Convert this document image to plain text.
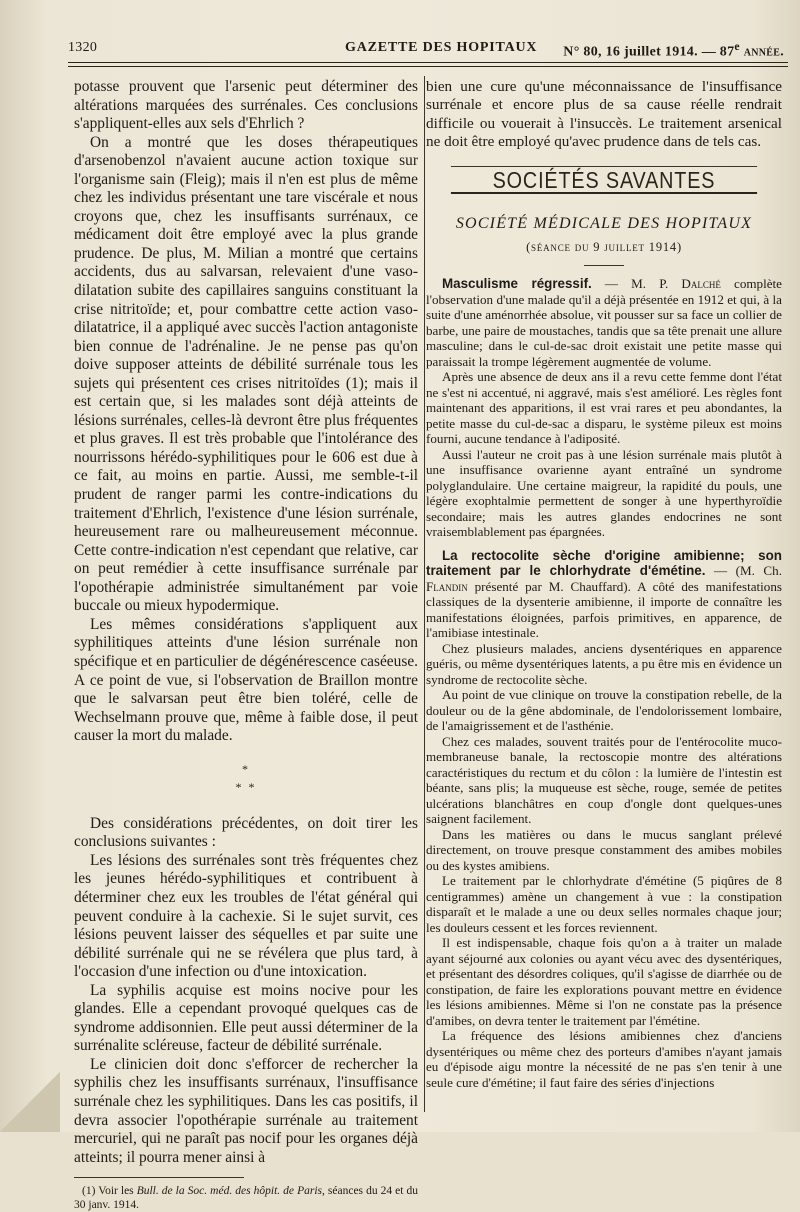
1320	GAZETTE DES HOPITAUX N° 80, 16 juillet 1914. — 87e année.

potasse prouvent que l'arsenic peut déterminer des altérations marquées des surrénales. Ces conclusions s'appliquent-elles aux sels d'Ehrlich ?

On a montré que les doses thérapeutiques d'arsenobenzol n'avaient aucune action toxique sur l'organisme sain (Fleig); mais il n'en est plus de même chez les individus présentant une tare viscérale et nous croyons que, chez les insuffisants surrénaux, ce médicament doit être employé avec la plus grande prudence. De plus, M. Milian a montré que certains accidents, dus au salvarsan, relevaient d'une vaso-dilatation subite des capillaires sanguins constituant la crise nitritoïde; et, pour combattre cette action vaso-dilatatrice, il a appliqué avec succès l'action antagoniste bien connue de l'adrénaline. Je ne pense pas qu'on doive supposer atteints de débilité surrénale tous les sujets qui présentent ces crises nitritoïdes (1); mais il est certain que, si les malades sont déjà atteints de lésions surrénales, celles-là devront être plus fréquentes et plus graves. Il est très probable que l'intolérance des nourrissons hérédo-syphilitiques pour le 606 est due à ce fait, au moins en partie. Aussi, me semble-t-il prudent de ranger parmi les contre-indications du traitement d'Ehrlich, l'existence d'une lésion surrénale, heureusement rare ou malheureusement méconnue. Cette contre-indication n'est cependant que relative, car on peut remédier à cette insuffisance surrénale par l'opothérapie administrée simultanément par voie buccale ou mieux hypodermique.

Les mêmes considérations s'appliquent aux syphilitiques atteints d'une lésion surrénale non spécifique et en particulier de dégénérescence caséeuse. A ce point de vue, si l'observation de Braillon montre que le salvarsan peut être bien toléré, celle de Wechselmann prouve que, même à faible dose, il peut causer la mort du malade.

*
* *

Des considérations précédentes, on doit tirer les conclusions suivantes :

Les lésions des surrénales sont très fréquentes chez les jeunes hérédo-syphilitiques et contribuent à déterminer chez eux les troubles de l'état général qui peuvent conduire à la cachexie. Si le sujet survit, ces lésions peuvent laisser des séquelles et par suite une débilité surrénale qui ne se révélera que plus tard, à l'occasion d'une infection ou d'une intoxication.

La syphilis acquise est moins nocive pour les glandes. Elle a cependant provoqué quelques cas de syndrome addisonnien. Elle peut aussi déterminer de la surrénalite scléreuse, facteur de débilité surrénale.

Le clinicien doit donc s'efforcer de rechercher la syphilis chez les insuffisants surrénaux, l'insuffisance surrénale chez les syphilitiques. Dans les cas positifs, il devra associer l'opothérapie surrénale au traitement mercuriel, qui ne paraît pas nocif pour les organes déjà atteints; il pourra mener ainsi à

(1) Voir les Bull. de la Soc. méd. des hôpit. de Paris, séances du 24 et du 30 janv. 1914.

bien une cure qu'une méconnaissance de l'insuffisance surrénale et encore plus de sa cause réelle rendrait difficile ou vouerait à l'insuccès. Le traitement arsenical ne doit être employé qu'avec prudence dans de tels cas.

SOCIÉTÉS SAVANTES
SOCIÉTÉ MÉDICALE DES HOPITAUX
(séance du 9 juillet 1914)

Masculisme régressif. — M. P. Dalché complète l'observation d'une malade qu'il a déjà présentée en 1912 et qui, à la suite d'une aménorrhée absolue, vit pousser sur sa face un collier de barbe, une paire de moustaches, tandis que sa tête prenait une allure masculine; dans le cul-de-sac droit existait une petite masse qui paraissait la trompe légèrement augmentée de volume.

Après une absence de deux ans il a revu cette femme dont l'état ne s'est ni accentué, ni aggravé, mais s'est amélioré. Les règles font maintenant des apparitions, il est vrai rares et peu abondantes, la petite masse du cul-de-sac a disparu, le système pileux est moins fourni, aucune tendance à l'adiposité.

Aussi l'auteur ne croit pas à une lésion surrénale mais plutôt à une insuffisance ovarienne ayant entraîné un syndrome polyglandulaire. Une certaine maigreur, la rapidité du pouls, une légère exophtalmie permettent de songer à une hyperthyroïdie secondaire; mais les autres glandes endocrines ne sont vraisemblablement pas épargnées.

La rectocolite sèche d'origine amibienne; son traitement par le chlorhydrate d'émétine. — (M. Ch. Flandin présenté par M. Chauffard). A côté des manifestations classiques de la dysenterie amibienne, il importe de connaître les manifestations éloignées, parfois primitives, en apparence, de l'amibiase intestinale.

Chez plusieurs malades, anciens dysentériques en apparence guéris, ou même dysentériques latents, a pu être mis en évidence un syndrome de rectocolite sèche.

Au point de vue clinique on trouve la constipation rebelle, de la douleur ou de la gêne abdominale, de l'endolorissement lombaire, de l'amaigrissement et de l'asthénie.

Chez ces malades, souvent traités pour de l'entérocolite muco-membraneuse banale, la rectoscopie montre des altérations caractéristiques du rectum et du côlon : la lumière de l'intestin est béante, sans plis; la muqueuse est sèche, rouge, semée de petites ulcérations blanchâtres en coup d'ongle dont quelques-unes saignent facilement.

Dans les matières ou dans le mucus sanglant prélevé directement, on trouve presque constamment des amibes mobiles ou des kystes amibiens.

Le traitement par le chlorhydrate d'émétine (5 piqûres de 8 centigrammes) amène un changement à vue : la constipation disparaît et le malade a une ou deux selles normales chaque jour; les douleurs cessent et les forces reviennent.

Il est indispensable, chaque fois qu'on a à traiter un malade ayant séjourné aux colonies ou ayant vécu avec des dysentériques, et présentant des désordres coliques, qu'il s'agisse de diarrhée ou de constipation, de faire les explorations pouvant mettre en évidence les lésions amibiennes. Même si l'on ne constate pas la présence d'amibes, on devra tenter le traitement par l'émétine.

La fréquence des lésions amibiennes chez d'anciens dysentériques ou même chez des porteurs d'amibes n'ayant jamais eu d'épisode aigu montre la nécessité de ne pas s'en tenir à une seule cure d'émétine; il faut faire des séries d'injections
